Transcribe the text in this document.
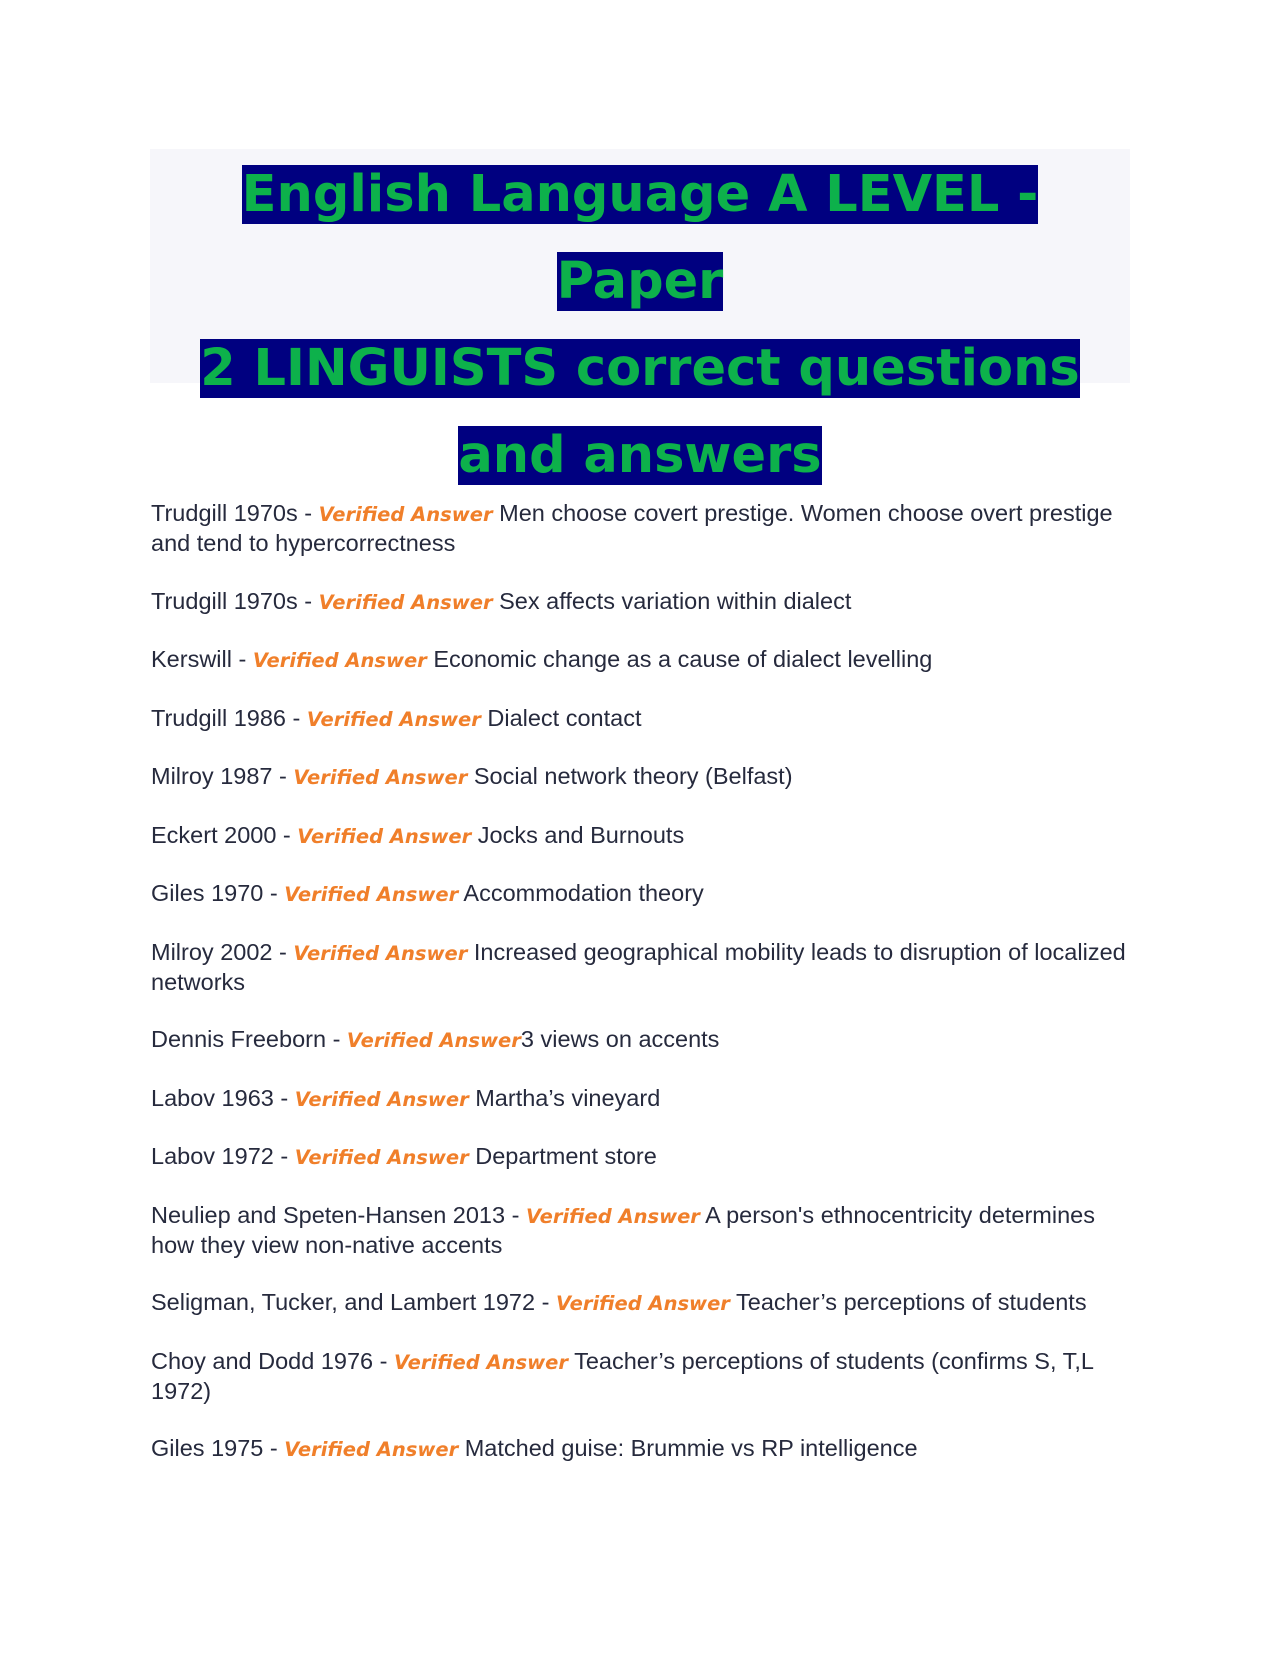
English Language A LEVEL - Paper
2 LINGUISTS correct questions
and answers

Trudgill 1970s - Verified Answer Men choose covert prestige. Women choose overt prestige and tend to hypercorrectness
Trudgill 1970s - Verified Answer Sex affects variation within dialect
Kerswill - Verified Answer Economic change as a cause of dialect levelling
Trudgill 1986 - Verified Answer Dialect contact
Milroy 1987 - Verified Answer Social network theory (Belfast)
Eckert 2000 - Verified Answer Jocks and Burnouts
Giles 1970 - Verified Answer Accommodation theory
Milroy 2002 - Verified Answer Increased geographical mobility leads to disruption of localized networks
Dennis Freeborn - Verified Answer3 views on accents
Labov 1963 - Verified Answer Martha’s vineyard
Labov 1972 - Verified Answer Department store
Neuliep and Speten-Hansen 2013 - Verified Answer A person's ethnocentricity determines how they view non-native accents
Seligman, Tucker, and Lambert 1972 - Verified Answer Teacher’s perceptions of students
Choy and Dodd 1976 - Verified Answer Teacher’s perceptions of students (confirms S, T,L 1972)
Giles 1975 - Verified Answer Matched guise: Brummie vs RP intelligence
